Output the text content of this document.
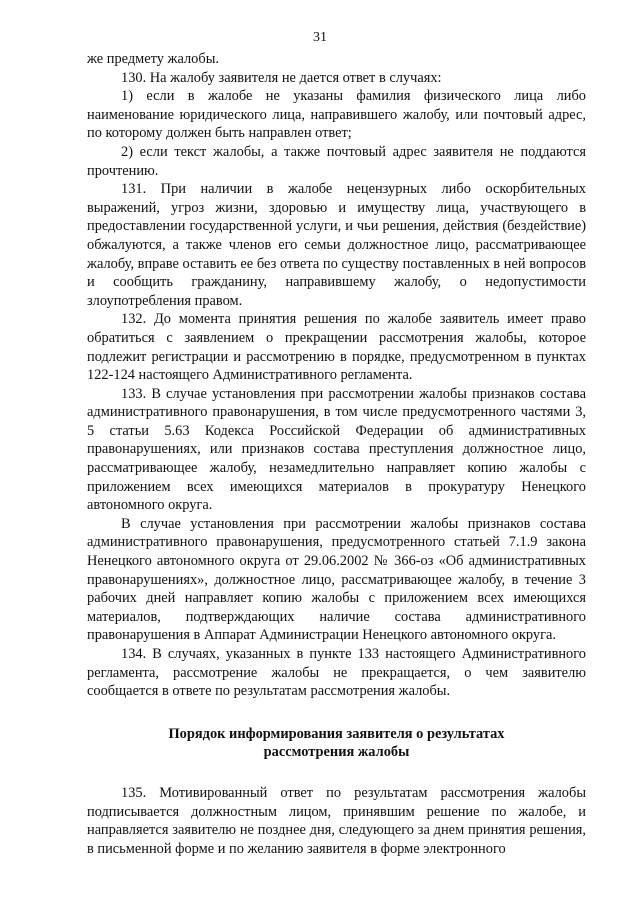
31

же предмету жалобы.

130. На жалобу заявителя не дается ответ в случаях:

1) если в жалобе не указаны фамилия физического лица либо наименование юридического лица, направившего жалобу, или почтовый адрес, по которому должен быть направлен ответ;

2) если текст жалобы, а также почтовый адрес заявителя не поддаются прочтению.

131. При наличии в жалобе нецензурных либо оскорбительных выражений, угроз жизни, здоровью и имуществу лица, участвующего в предоставлении государственной услуги, и чьи решения, действия (бездействие) обжалуются, а также членов его семьи должностное лицо, рассматривающее жалобу, вправе оставить ее без ответа по существу поставленных в ней вопросов и сообщить гражданину, направившему жалобу, о недопустимости злоупотребления правом.

132. До момента принятия решения по жалобе заявитель имеет право обратиться с заявлением о прекращении рассмотрения жалобы, которое подлежит регистрации и рассмотрению в порядке, предусмотренном в пунктах 122-124 настоящего Административного регламента.

133. В случае установления при рассмотрении жалобы признаков состава административного правонарушения, в том числе предусмотренного частями 3, 5 статьи 5.63 Кодекса Российской Федерации об административных правонарушениях, или признаков состава преступления должностное лицо, рассматривающее жалобу, незамедлительно направляет копию жалобы с приложением всех имеющихся материалов в прокуратуру Ненецкого автономного округа.

В случае установления при рассмотрении жалобы признаков состава административного правонарушения, предусмотренного статьей 7.1.9 закона Ненецкого автономного округа от 29.06.2002 № 366-оз «Об административных правонарушениях», должностное лицо, рассматривающее жалобу, в течение 3 рабочих дней направляет копию жалобы с приложением всех имеющихся материалов, подтверждающих наличие состава административного правонарушения в Аппарат Администрации Ненецкого автономного округа.

134. В случаях, указанных в пункте 133 настоящего Административного регламента, рассмотрение жалобы не прекращается, о чем заявителю сообщается в ответе по результатам рассмотрения жалобы.

Порядок информирования заявителя о результатах
рассмотрения жалобы

135. Мотивированный ответ по результатам рассмотрения жалобы подписывается должностным лицом, принявшим решение по жалобе, и направляется заявителю не позднее дня, следующего за днем принятия решения, в письменной форме и по желанию заявителя в форме электронного
